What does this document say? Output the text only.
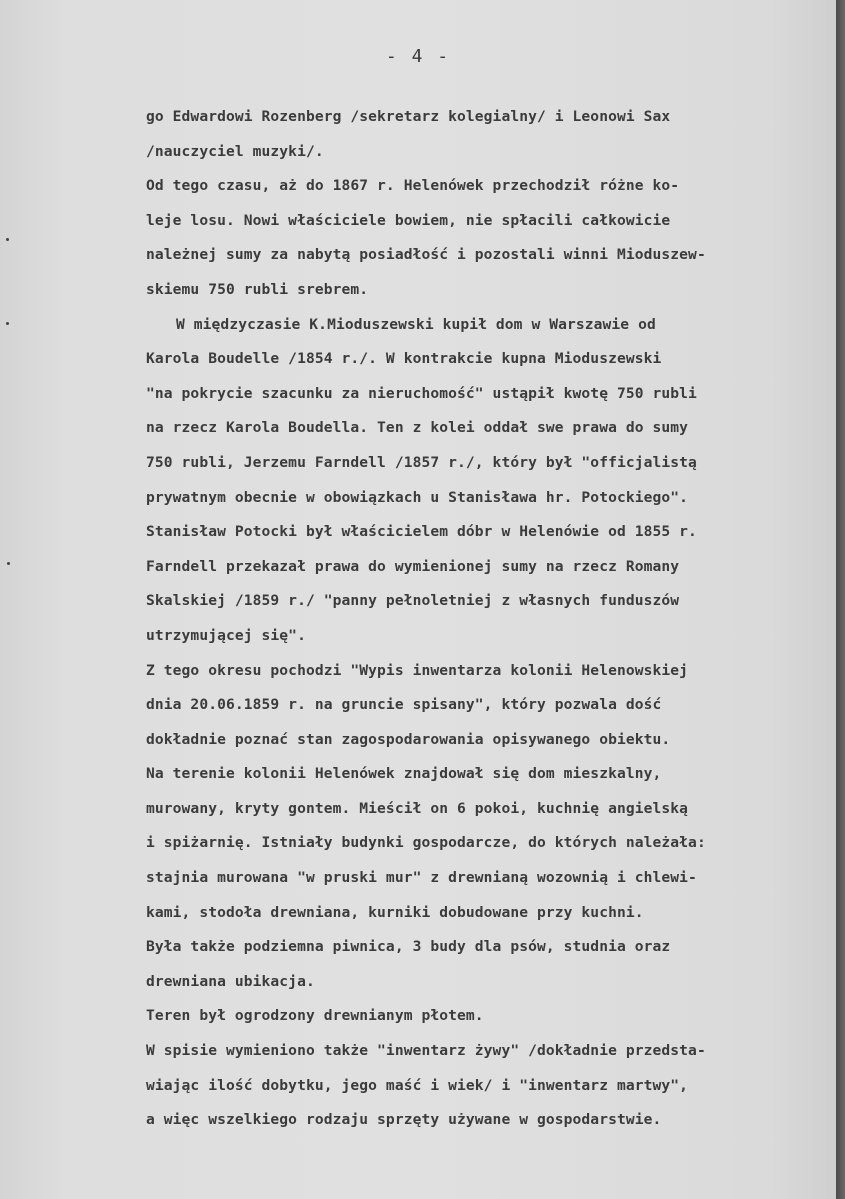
- 4 -
go Edwardowi Rozenberg /sekretarz kolegialny/ i Leonowi Sax
/nauczyciel muzyki/.
Od tego czasu, aż do 1867 r. Helenówek przechodził różne ko-
leje losu. Nowi właściciele bowiem, nie spłacili całkowicie
należnej sumy za nabytą posiadłość i pozostali winni Mioduszew-
skiemu 750 rubli srebrem.
W międzyczasie K.Mioduszewski kupił dom w Warszawie od
Karola Boudelle /1854 r./. W kontrakcie kupna Mioduszewski
"na pokrycie szacunku za nieruchomość" ustąpił kwotę 750 rubli
na rzecz Karola Boudella. Ten z kolei oddał swe prawa do sumy
750 rubli, Jerzemu Farndell /1857 r./, który był "officjalistą
prywatnym obecnie w obowiązkach u Stanisława hr. Potockiego".
Stanisław Potocki był właścicielem dóbr w Helenówie od 1855 r.
Farndell przekazał prawa do wymienionej sumy na rzecz Romany
Skalskiej /1859 r./ "panny pełnoletniej z własnych funduszów
utrzymującej się".
Z tego okresu pochodzi "Wypis inwentarza kolonii Helenowskiej
dnia 20.06.1859 r. na gruncie spisany", który pozwala dość
dokładnie poznać stan zagospodarowania opisywanego obiektu.
Na terenie kolonii Helenówek znajdował się dom mieszkalny,
murowany, kryty gontem. Mieścił on 6 pokoi, kuchnię angielską
i spiżarnię. Istniały budynki gospodarcze, do których należała:
stajnia murowana "w pruski mur" z drewnianą wozownią i chlewi-
kami, stodoła drewniana, kurniki dobudowane przy kuchni.
Była także podziemna piwnica, 3 budy dla psów, studnia oraz
drewniana ubikacja.
Teren był ogrodzony drewnianym płotem.
W spisie wymieniono także "inwentarz żywy" /dokładnie przedsta-
wiając ilość dobytku, jego maść i wiek/ i "inwentarz martwy",
a więc wszelkiego rodzaju sprzęty używane w gospodarstwie.
